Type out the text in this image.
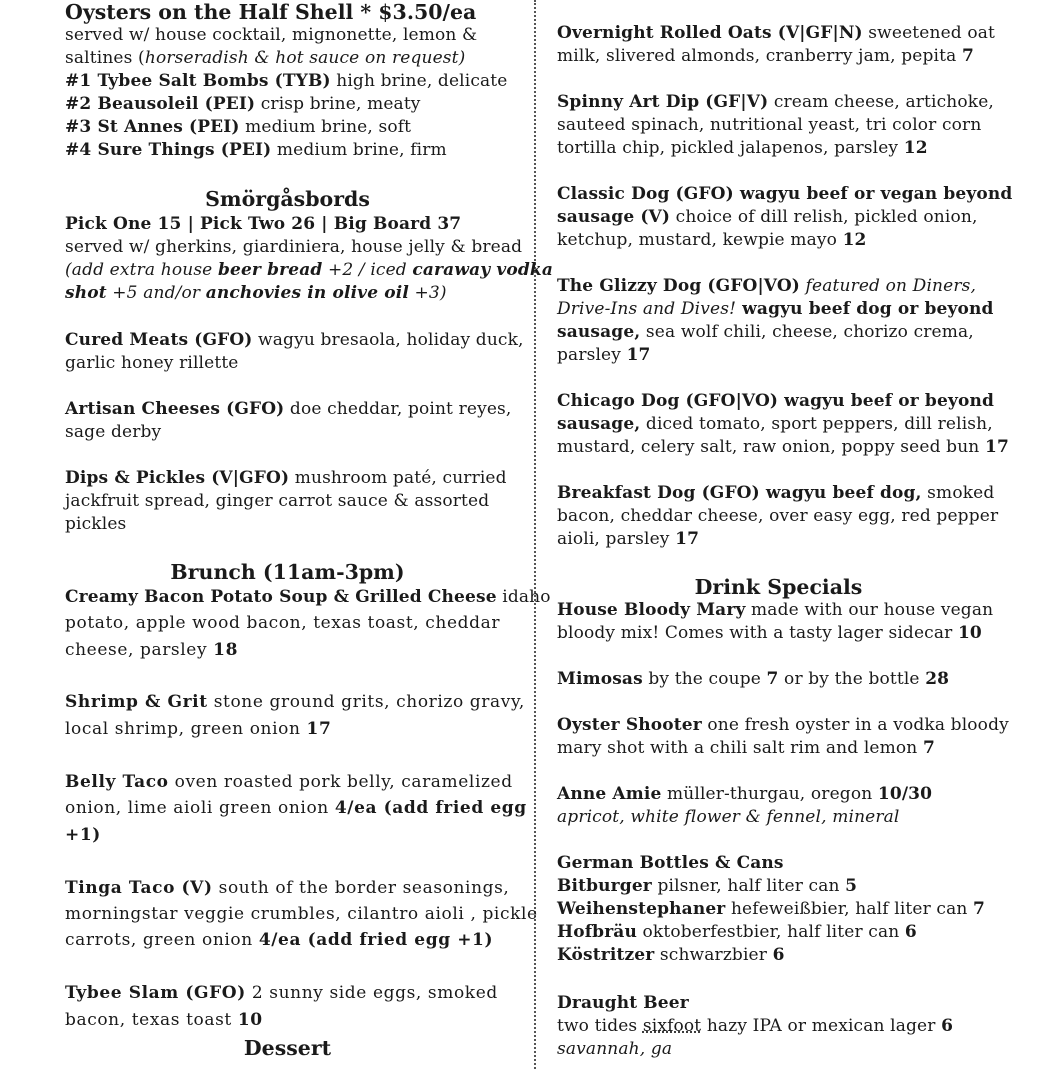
Oysters on the Half Shell * $3.50/ea
served w/ house cocktail, mignonette, lemon &
saltines (horseradish & hot sauce on request)
#1 Tybee Salt Bombs (TYB) high brine, delicate
#2 Beausoleil (PEI) crisp brine, meaty
#3 St Annes (PEI) medium brine, soft
#4 Sure Things (PEI) medium brine, firm
Smörgåsbords
Pick One 15 | Pick Two 26 | Big Board 37
served w/ gherkins, giardiniera, house jelly & bread
(add extra house beer bread +2 / iced caraway vodka
shot +5 and/or anchovies in olive oil +3)
Cured Meats (GFO) wagyu bresaola, holiday duck,
garlic honey rillette
Artisan Cheeses (GFO) doe cheddar, point reyes,
sage derby
Dips & Pickles (V|GFO) mushroom paté, curried
jackfruit spread, ginger carrot sauce & assorted
pickles
Brunch (11am-3pm)
Creamy Bacon Potato Soup & Grilled Cheese idaho
potato, apple wood bacon, texas toast, cheddar
cheese, parsley 18
Shrimp & Grit stone ground grits, chorizo gravy,
local shrimp, green onion 17
Belly Taco oven roasted pork belly, caramelized
onion, lime aioli green onion 4/ea (add fried egg
+1)
Tinga Taco (V) south of the border seasonings,
morningstar veggie crumbles, cilantro aioli , pickle
carrots, green onion 4/ea (add fried egg +1)
Tybee Slam (GFO) 2 sunny side eggs, smoked
bacon, texas toast 10
Dessert
Overnight Rolled Oats (V|GF|N) sweetened oat
milk, slivered almonds, cranberry jam, pepita 7
Spinny Art Dip (GF|V) cream cheese, artichoke,
sauteed spinach, nutritional yeast, tri color corn
tortilla chip, pickled jalapenos, parsley 12
Classic Dog (GFO) wagyu beef or vegan beyond
sausage (V) choice of dill relish, pickled onion,
ketchup, mustard, kewpie mayo 12
The Glizzy Dog (GFO|VO) featured on Diners,
Drive-Ins and Dives! wagyu beef dog or beyond
sausage, sea wolf chili, cheese, chorizo crema,
parsley 17
Chicago Dog (GFO|VO) wagyu beef or beyond
sausage, diced tomato, sport peppers, dill relish,
mustard, celery salt, raw onion, poppy seed bun 17
Breakfast Dog (GFO) wagyu beef dog, smoked
bacon, cheddar cheese, over easy egg, red pepper
aioli, parsley 17
Drink Specials
House Bloody Mary made with our house vegan
bloody mix! Comes with a tasty lager sidecar 10
Mimosas by the coupe 7 or by the bottle 28
Oyster Shooter one fresh oyster in a vodka bloody
mary shot with a chili salt rim and lemon 7
Anne Amie müller-thurgau, oregon 10/30
apricot, white flower & fennel, mineral
German Bottles & Cans
Bitburger pilsner, half liter can 5
Weihenstephaner hefeweißbier, half liter can 7
Hofbräu oktoberfestbier, half liter can 6
Köstritzer schwarzbier 6
Draught Beer
two tides sixfoot hazy IPA or mexican lager 6
savannah, ga
